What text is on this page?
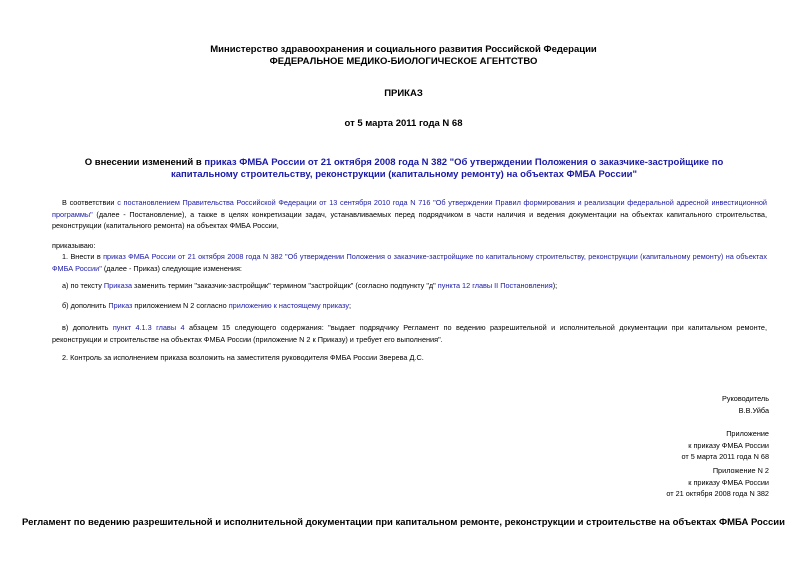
Министерство здравоохранения и социального развития Российской Федерации
ФЕДЕРАЛЬНОЕ МЕДИКО-БИОЛОГИЧЕСКОЕ АГЕНТСТВО
ПРИКАЗ
от 5 марта 2011 года N 68
О внесении изменений в приказ ФМБА России от 21 октября 2008 года N 382 "Об утверждении Положения о заказчике-застройщике по капитальному строительству, реконструкции (капитальному ремонту) на объектах ФМБА России"
В соответствии с постановлением Правительства Российской Федерации от 13 сентября 2010 года N 716 "Об утверждении Правил формирования и реализации федеральной адресной инвестиционной программы" (далее - Постановление), а также в целях конкретизации задач, устанавливаемых перед подрядчиком в части наличия и ведения документации на объектах капитального строительства, реконструкции (капитального ремонта) на объектах ФМБА России,
приказываю:
1. Внести в приказ ФМБА России от 21 октября 2008 года N 382 "Об утверждении Положения о заказчике-застройщике по капитальному строительству, реконструкции (капитальному ремонту) на объектах ФМБА России" (далее - Приказ) следующие изменения:
а) по тексту Приказа заменить термин "заказчик-застройщик" термином "застройщик" (согласно подпункту "д" пункта 12 главы II Постановления);
б) дополнить Приказ приложением N 2 согласно приложению к настоящему приказу;
в) дополнить пункт 4.1.3 главы 4 абзацем 15 следующего содержания: "выдает подрядчику Регламент по ведению разрешительной и исполнительной документации при капитальном ремонте, реконструкции и строительстве на объектах ФМБА России (приложение N 2 к Приказу) и требует его выполнения".
2. Контроль за исполнением приказа возложить на заместителя руководителя ФМБА России Зверева Д.С.
Руководитель
В.В.Уйба
Приложение
к приказу ФМБА России
от 5 марта 2011 года N 68
Приложение N 2
к приказу ФМБА России
от 21 октября 2008 года N 382
Регламент по ведению разрешительной и исполнительной документации при капитальном ремонте, реконструкции и строительстве на объектах ФМБА России
